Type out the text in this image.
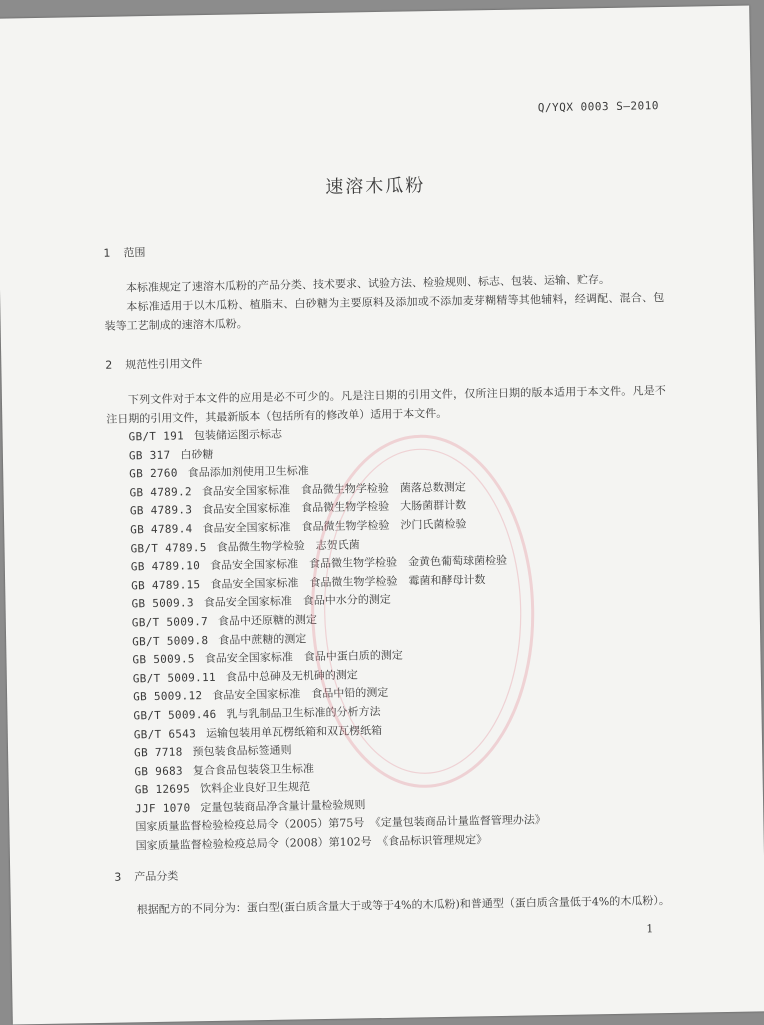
Q/YQX 0003 S—2010
速溶木瓜粉
1 范围

本标准规定了速溶木瓜粉的产品分类、技术要求、试验方法、检验规则、标志、包装、运输、贮存。

本标准适用于以木瓜粉、植脂末、白砂糖为主要原料及添加或不添加麦芽糊精等其他辅料，经调配、混合、包装等工艺制成的速溶木瓜粉。

2 规范性引用文件

下列文件对于本文件的应用是必不可少的。凡是注日期的引用文件，仅所注日期的版本适用于本文件。凡是不注日期的引用文件，其最新版本（包括所有的修改单）适用于本文件。

GB/T 191 包装储运图示标志
GB 317 白砂糖
GB 2760 食品添加剂使用卫生标准
GB 4789.2 食品安全国家标准　食品微生物学检验　菌落总数测定
GB 4789.3 食品安全国家标准　食品微生物学检验　大肠菌群计数
GB 4789.4 食品安全国家标准　食品微生物学检验　沙门氏菌检验
GB/T 4789.5 食品微生物学检验　志贺氏菌
GB 4789.10 食品安全国家标准　食品微生物学检验　金黄色葡萄球菌检验
GB 4789.15 食品安全国家标准　食品微生物学检验　霉菌和酵母计数
GB 5009.3 食品安全国家标准　食品中水分的测定
GB/T 5009.7 食品中还原糖的测定
GB/T 5009.8 食品中蔗糖的测定
GB 5009.5 食品安全国家标准　食品中蛋白质的测定
GB/T 5009.11 食品中总砷及无机砷的测定
GB 5009.12 食品安全国家标准　食品中铅的测定
GB/T 5009.46 乳与乳制品卫生标准的分析方法
GB/T 6543 运输包装用单瓦楞纸箱和双瓦楞纸箱
GB 7718 预包装食品标签通则
GB 9683 复合食品包装袋卫生标准
GB 12695 饮料企业良好卫生规范
JJF 1070 定量包装商品净含量计量检验规则
国家质量监督检验检疫总局令（2005）第75号　《定量包装商品计量监督管理办法》
国家质量监督检验检疫总局令（2008）第102号　《食品标识管理规定》
3 产品分类

根据配方的不同分为：蛋白型(蛋白质含量大于或等于4%的木瓜粉)和普通型（蛋白质含量低于4%的木瓜粉）。

1
